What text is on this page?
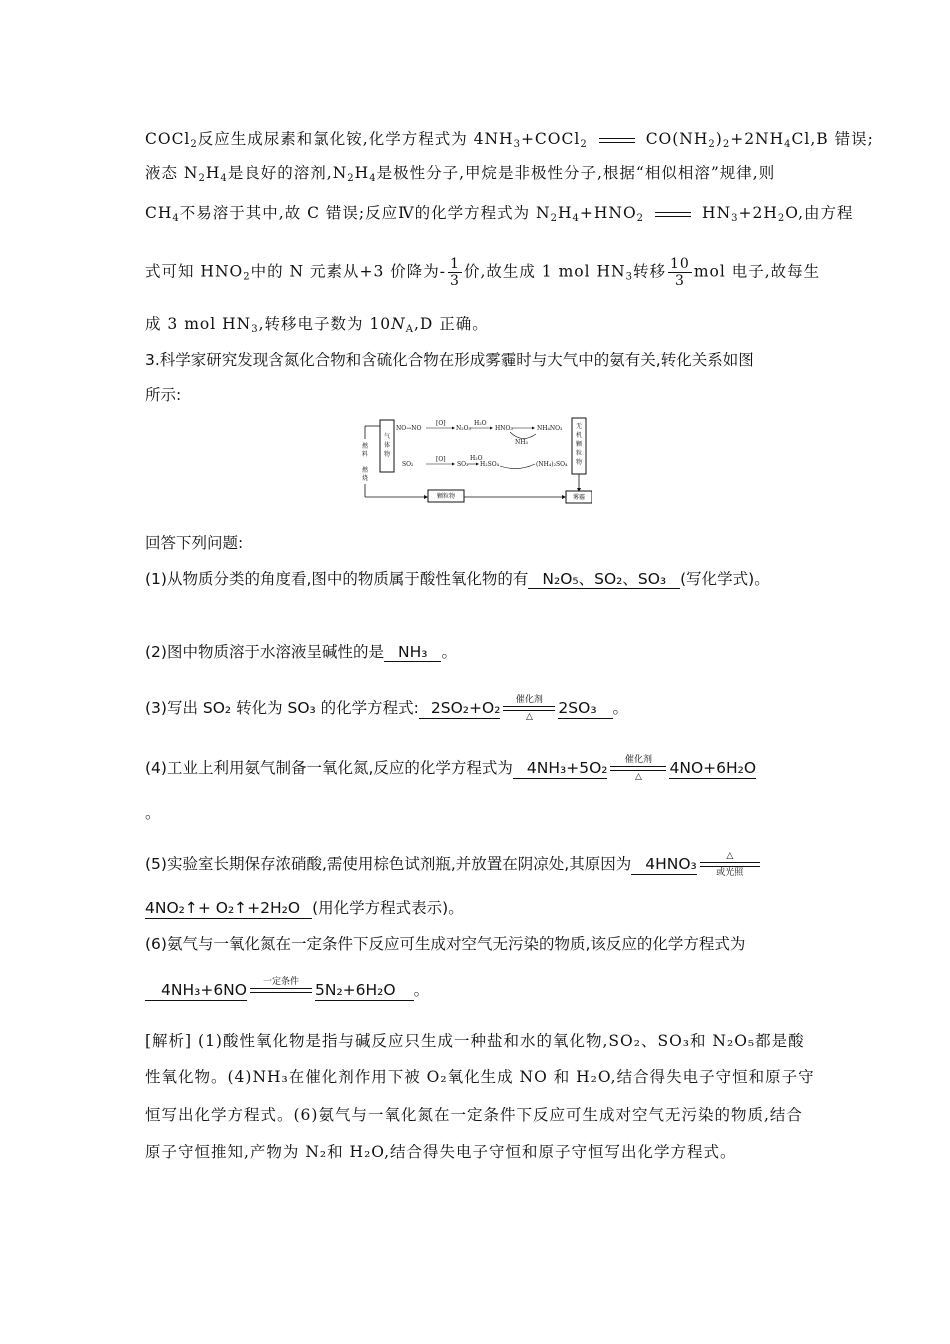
COCl$_2$反应生成尿素和氯化铵,化学方程式为 $4NH_3+COCl_2$	$CO(NH_2)_2+2NH_4Cl,B$ 错误;
液态 $N_2H_4$是良好的溶剂$,N_2H_4$是极性分子,甲烷是非极性分子,根据“相似相溶”规律,则
$CH_4$不易溶于其中,故 C 错误;反应Ⅳ的化学方程式为 $N_2H_4+HNO_2$	$HN_3+2H_2O$,由方程
式可知 $HNO_2$中的 N 元素从+3 价降为- $\frac{1}{3}$ 价,故生成 1 mol $HN_3$转移 $\frac{10}{3}$ mol 电子,故每生
成 3 mol $HN_3$,转移电子数为 $10N_A,D$ 正确。
3.科学家研究发现含氮化合物和含硫化合物在形成雾霾时与大气中的氨有关,转化关系如图
所示:
燃
料
燃
烧
气
体
物
NO→NO
[O]
N₂O₅
H₂O
HNO₃	NH₄NO₃
NH₃
SO₂
[O]
SO₃
H₂O
H₂SO₄	(NH₄)₂SO₄
无
机
颗
粒
物
颗粒物	雾霾
回答下列问题:
(1)从物质分类的角度看,图中的物质属于酸性氧化物的有 N₂O₅、SO₂、SO₃ (写化学式)。
(2)图中物质溶于水溶液呈碱性的是 NH₃ 。
(3)写出 SO₂ 转化为 SO₃ 的化学方程式: 2SO₂+O₂ 催化剂
△ 2SO₃ 。
(4)工业上利用氨气制备一氧化氮,反应的化学方程式为 4NH₃+5O₂ 催化剂
△ 4NO+6H₂O
。
(5)实验室长期保存浓硝酸,需使用棕色试剂瓶,并放置在阴凉处,其原因为 4HNO₃	△
或光照
4NO₂↑+ O₂↑+2H₂O (用化学方程式表示)。
(6)氨气与一氧化氮在一定条件下反应可生成对空气无污染的物质,该反应的化学方程式为
4NH₃+6NO 一定条件
5N₂+6H₂O 。
[解析] (1)酸性氧化物是指与碱反应只生成一种盐和水的氧化物,SO₂、SO₃和 N₂O₅都是酸
性氧化物。(4)NH₃在催化剂作用下被 O₂氧化生成 NO 和 H₂O,结合得失电子守恒和原子守
恒写出化学方程式。(6)氨气与一氧化氮在一定条件下反应可生成对空气无污染的物质,结合
原子守恒推知,产物为 N₂和 H₂O,结合得失电子守恒和原子守恒写出化学方程式。
